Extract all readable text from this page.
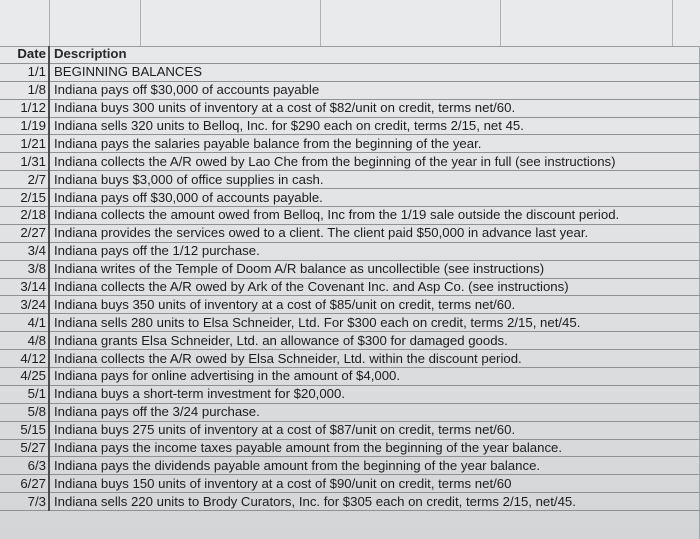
Date	Description
1/1	BEGINNING BALANCES
1/8	Indiana pays off $30,000 of accounts payable
1/12	Indiana buys 300 units of inventory at a cost of $82/unit on credit, terms net/60.
1/19	Indiana sells 320 units to Belloq, Inc. for $290 each on credit, terms 2/15, net 45.
1/21	Indiana pays the salaries payable balance from the beginning of the year.
1/31	Indiana collects the A/R owed by Lao Che from the beginning of the year in full (see instructions)
2/7	Indiana buys $3,000 of office supplies in cash.
2/15	Indiana pays off $30,000 of accounts payable.
2/18	Indiana collects the amount owed from Belloq, Inc from the 1/19 sale outside the discount period.
2/27	Indiana provides the services owed to a client. The client paid $50,000 in advance last year.
3/4	Indiana pays off the 1/12 purchase.
3/8	Indiana writes of the Temple of Doom A/R balance as uncollectible (see instructions)
3/14	Indiana collects the A/R owed by Ark of the Covenant Inc. and Asp Co. (see instructions)
3/24	Indiana buys 350 units of inventory at a cost of $85/unit on credit, terms net/60.
4/1	Indiana sells 280 units to Elsa Schneider, Ltd. For $300 each on credit, terms 2/15, net/45.
4/8	Indiana grants Elsa Schneider, Ltd. an allowance of $300 for damaged goods.
4/12	Indiana collects the A/R owed by Elsa Schneider, Ltd. within the discount period.
4/25	Indiana pays for online advertising in the amount of $4,000.
5/1	Indiana buys a short-term investment for $20,000.
5/8	Indiana pays off the 3/24 purchase.
5/15	Indiana buys 275 units of inventory at a cost of $87/unit on credit, terms net/60.
5/27	Indiana pays the income taxes payable amount from the beginning of the year balance.
6/3	Indiana pays the dividends payable amount from the beginning of the year balance.
6/27	Indiana buys 150 units of inventory at a cost of $90/unit on credit, terms net/60
7/3	Indiana sells 220 units to Brody Curators, Inc. for $305 each on credit, terms 2/15, net/45.
